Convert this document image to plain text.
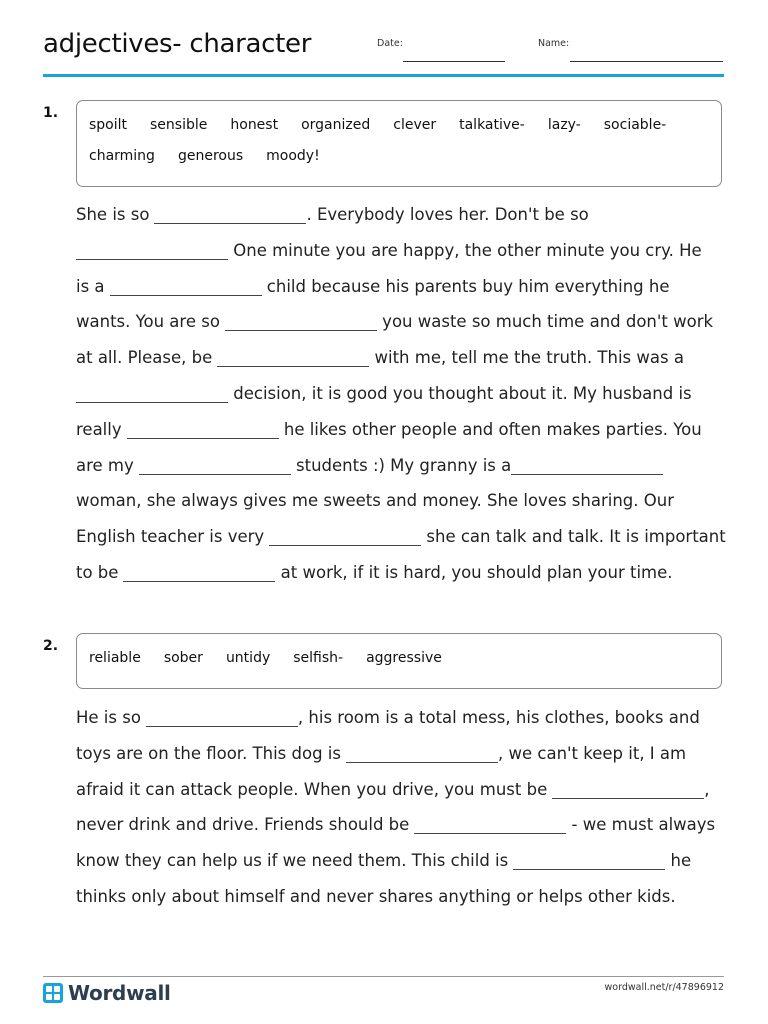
adjectives- character	Date:	Name:
1.
spoilt sensible honest organized clever talkative- lazy- sociable-
charming generous moody!
She is so	. Everybody loves her. Don't be so
One minute you are happy, the other minute you cry. He
is a	child because his parents buy him everything he
wants. You are so	you waste so much time and don't work
at all. Please, be	with me, tell me the truth. This was a
decision, it is good you thought about it. My husband is
really	he likes other people and often makes parties. You
are my	students :) My granny is a
woman, she always gives me sweets and money. She loves sharing. Our
English teacher is very	she can talk and talk. It is important
to be	at work, if it is hard, you should plan your time.
2.
reliable sober untidy selfish- aggressive
He is so	, his room is a total mess, his clothes, books and
toys are on the floor. This dog is	, we can't keep it, I am
afraid it can attack people. When you drive, you must be	,
never drink and drive. Friends should be	- we must always
know they can help us if we need them. This child is	he
thinks only about himself and never shares anything or helps other kids.
Wordwall	wordwall.net/r/47896912
